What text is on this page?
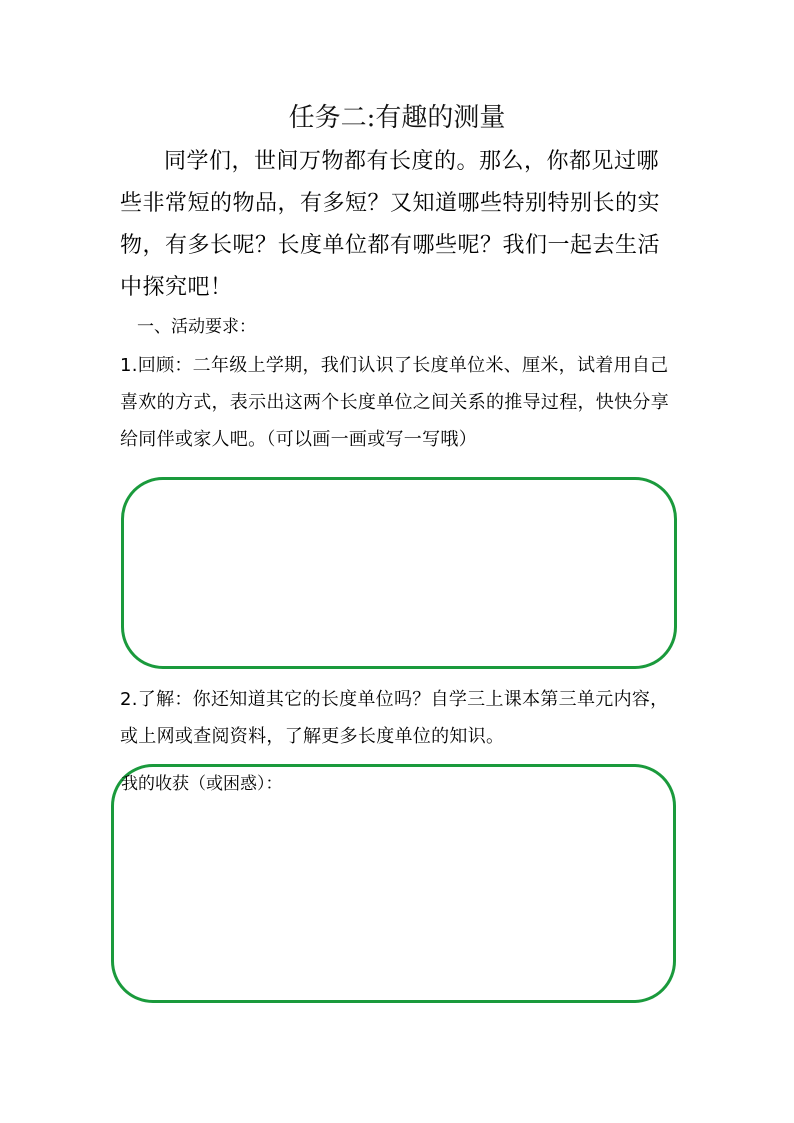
任务二:有趣的测量

同学们，世间万物都有长度的。那么，你都见过哪些非常短的物品，有多短？又知道哪些特别特别长的实物，有多长呢？长度单位都有哪些呢？我们一起去生活中探究吧！

一、活动要求：

1.回顾：二年级上学期，我们认识了长度单位米、厘米，试着用自己喜欢的方式，表示出这两个长度单位之间关系的推导过程，快快分享给同伴或家人吧。（可以画一画或写一写哦）

2.了解：你还知道其它的长度单位吗？自学三上课本第三单元内容，或上网或查阅资料，了解更多长度单位的知识。

我的收获（或困惑）：
